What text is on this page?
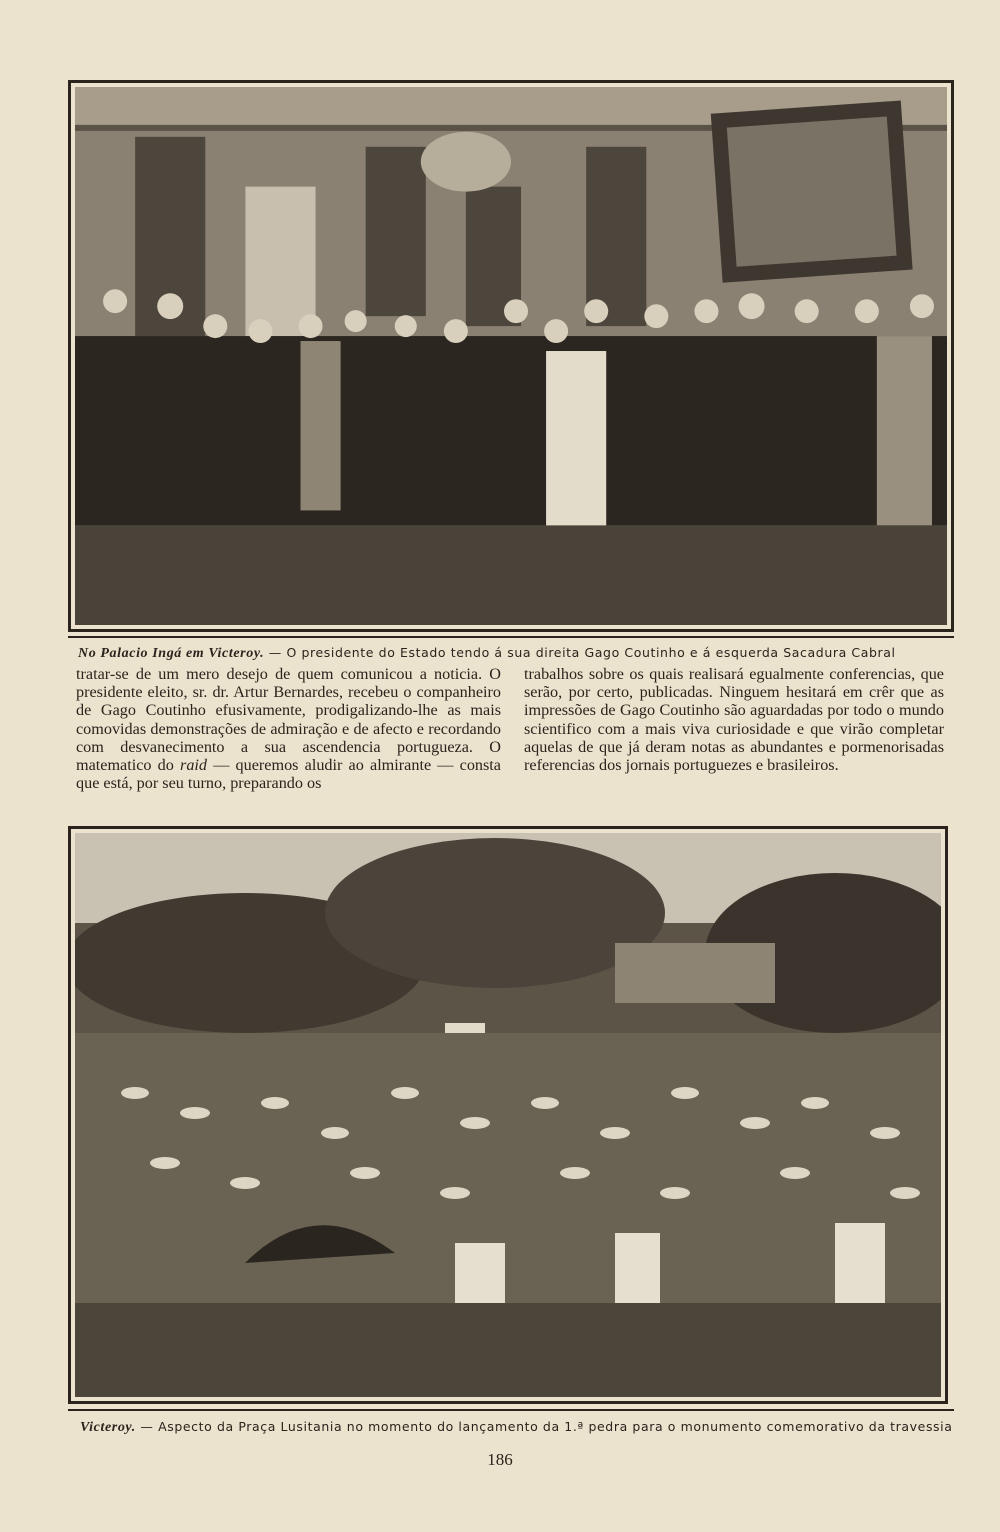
No Palacio Ingá em Victeroy. — O presidente do Estado tendo á sua direita Gago Coutinho e á esquerda Sacadura Cabral

tratar-se de um mero desejo de quem comunicou a noticia. O presidente eleito, sr. dr. Artur Bernardes, recebeu o companheiro de Gago Coutinho efusivamente, prodigalizando-lhe as mais comovidas demonstrações de admiração e de afecto e recordando com desvanecimento a sua ascendencia portugueza. O matematico do raid — queremos aludir ao almirante — consta que está, por seu turno, preparando os

trabalhos sobre os quais realisará egualmente conferencias, que serão, por certo, publicadas. Ninguem hesitará em crêr que as impressões de Gago Coutinho são aguardadas por todo o mundo scientifico com a mais viva curiosidade e que virão completar aquelas de que já deram notas as abundantes e pormenorisadas referencias dos jornais portuguezes e brasileiros.

Victeroy. — Aspecto da Praça Lusitania no momento do lançamento da 1.ª pedra para o monumento comemorativo da travessia
186
